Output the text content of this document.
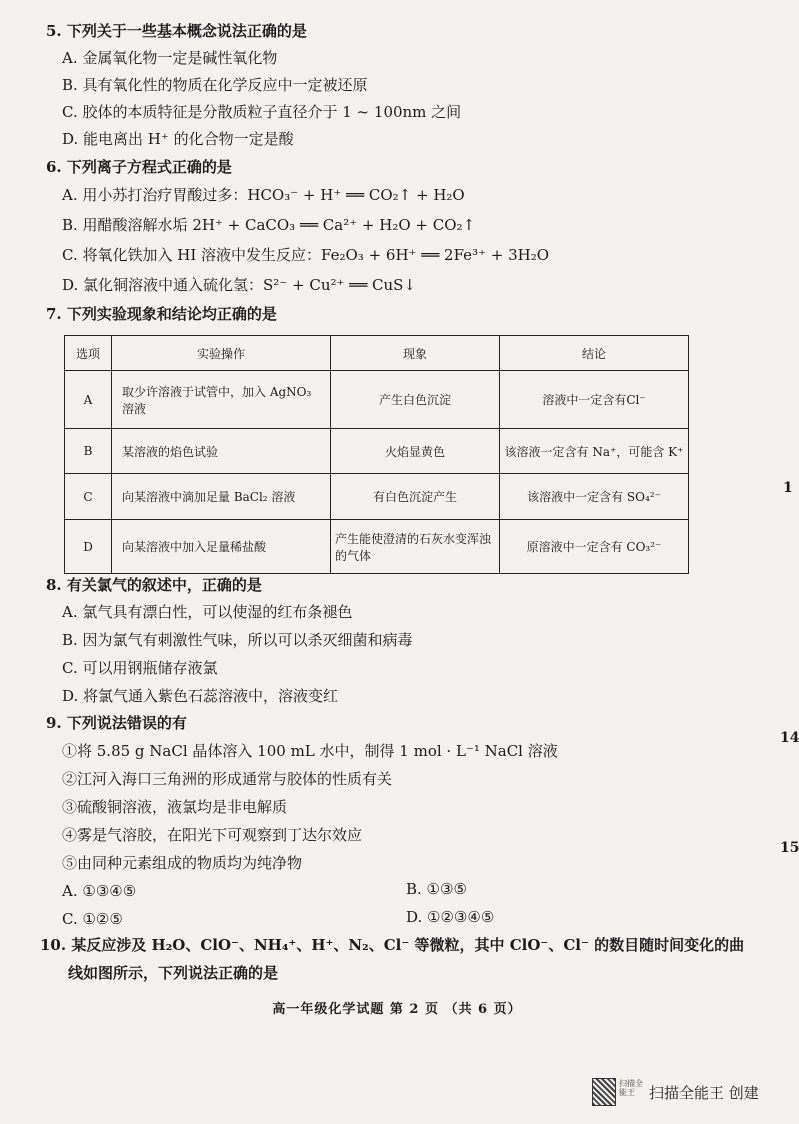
5. 下列关于一些基本概念说法正确的是
A. 金属氧化物一定是碱性氧化物
B. 具有氧化性的物质在化学反应中一定被还原
C. 胶体的本质特征是分散质粒子直径介于 1 ~ 100nm 之间
D. 能电离出 H⁺ 的化合物一定是酸
6. 下列离子方程式正确的是
A. 用小苏打治疗胃酸过多：HCO₃⁻ + H⁺ ══ CO₂↑ + H₂O
B. 用醋酸溶解水垢 2H⁺ + CaCO₃ ══ Ca²⁺ + H₂O + CO₂↑
C. 将氧化铁加入 HI 溶液中发生反应：Fe₂O₃ + 6H⁺ ══ 2Fe³⁺ + 3H₂O
D. 氯化铜溶液中通入硫化氢：S²⁻ + Cu²⁺ ══ CuS↓
7. 下列实验现象和结论均正确的是
选项	实验操作	现象	结论
A	取少许溶液于试管中，加入 AgNO₃ 溶液	产生白色沉淀	溶液中一定含有Cl⁻
B	某溶液的焰色试验	火焰显黄色	该溶液一定含有 Na⁺，可能含 K⁺
C	向某溶液中滴加足量 BaCl₂ 溶液	有白色沉淀产生	该溶液中一定含有 SO₄²⁻
D	向某溶液中加入足量稀盐酸	产生能使澄清的石灰水变浑浊的气体	原溶液中一定含有 CO₃²⁻
8. 有关氯气的叙述中，正确的是
A. 氯气具有漂白性，可以使湿的红布条褪色
B. 因为氯气有刺激性气味，所以可以杀灭细菌和病毒
C. 可以用钢瓶储存液氯
D. 将氯气通入紫色石蕊溶液中，溶液变红
9. 下列说法错误的有
①将 5.85 g NaCl 晶体溶入 100 mL 水中，制得 1 mol · L⁻¹ NaCl 溶液
②江河入海口三角洲的形成通常与胶体的性质有关
③硫酸铜溶液，液氯均是非电解质
④雾是气溶胶，在阳光下可观察到丁达尔效应
⑤由同种元素组成的物质均为纯净物
A. ①③④⑤	B. ①③⑤
C. ①②⑤	D. ①②③④⑤
10. 某反应涉及 H₂O、ClO⁻、NH₄⁺、H⁺、N₂、Cl⁻ 等微粒，其中 ClO⁻、Cl⁻ 的数目随时间变化的曲
线如图所示，下列说法正确的是
1
14
15
高一年级化学试题 第 2 页 （共 6 页）
扫描全能王 扫描全能王 创建
